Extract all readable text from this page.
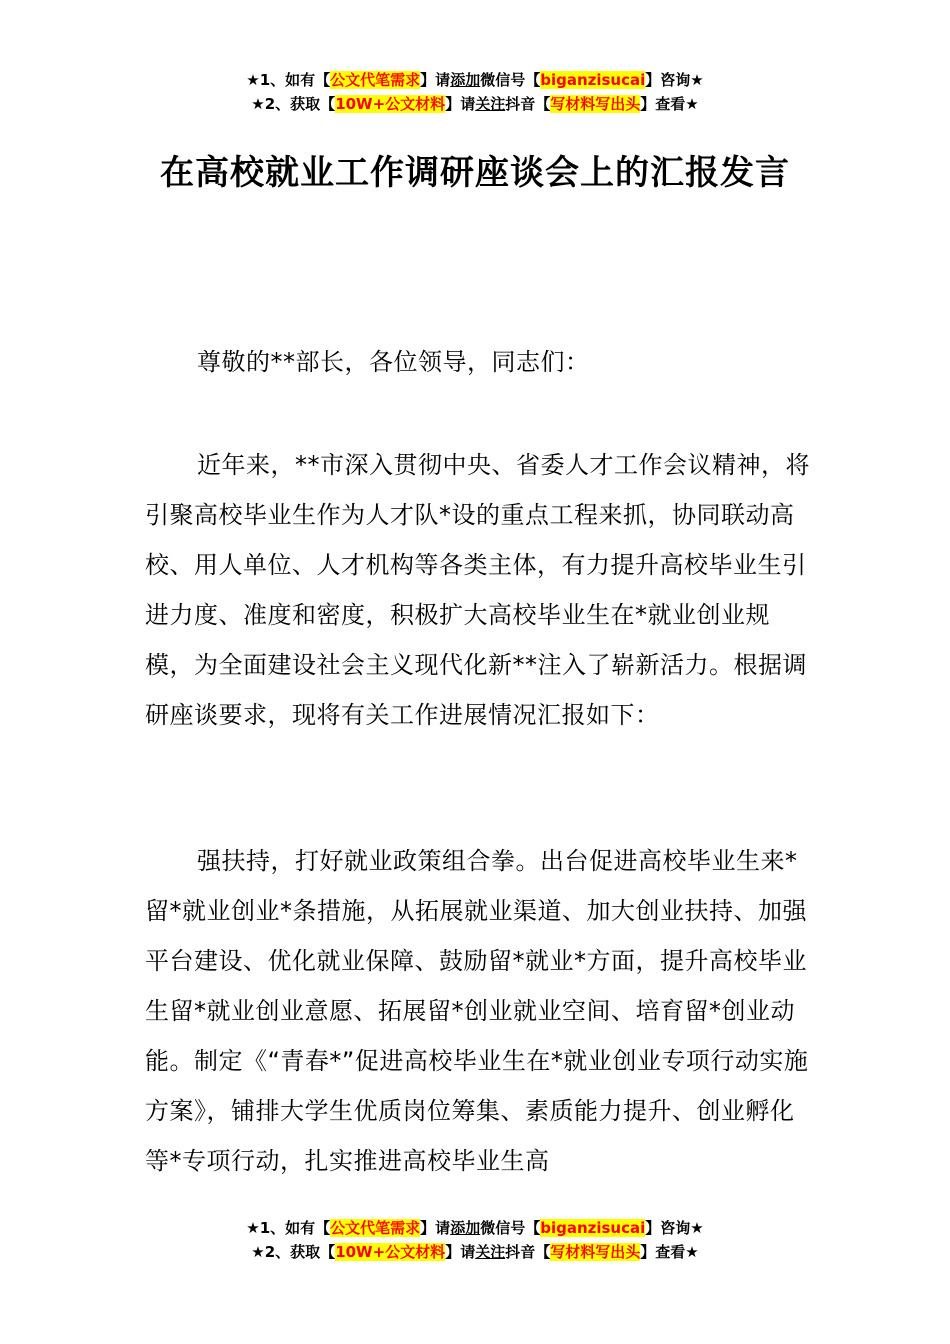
★1、如有【公文代笔需求】请添加微信号【biganzisucai】咨询★
★2、获取【10W+公文材料】请关注抖音【写材料写出头】查看★
在高校就业工作调研座谈会上的汇报发言

尊敬的**部长，各位领导，同志们：

近年来，**市深入贯彻中央、省委人才工作会议精神，将引聚高校毕业生作为人才队*设的重点工程来抓，协同联动高校、用人单位、人才机构等各类主体，有力提升高校毕业生引进力度、准度和密度，积极扩大高校毕业生在*就业创业规模，为全面建设社会主义现代化新**注入了崭新活力。根据调研座谈要求，现将有关工作进展情况汇报如下：

强扶持，打好就业政策组合拳。出台促进高校毕业生来*留*就业创业*条措施，从拓展就业渠道、加大创业扶持、加强平台建设、优化就业保障、鼓励留*就业*方面，提升高校毕业生留*就业创业意愿、拓展留*创业就业空间、培育留*创业动能。制定《“青春*”促进高校毕业生在*就业创业专项行动实施方案》，铺排大学生优质岗位筹集、素质能力提升、创业孵化等*专项行动，扎实推进高校毕业生高

★1、如有【公文代笔需求】请添加微信号【biganzisucai】咨询★
★2、获取【10W+公文材料】请关注抖音【写材料写出头】查看★
